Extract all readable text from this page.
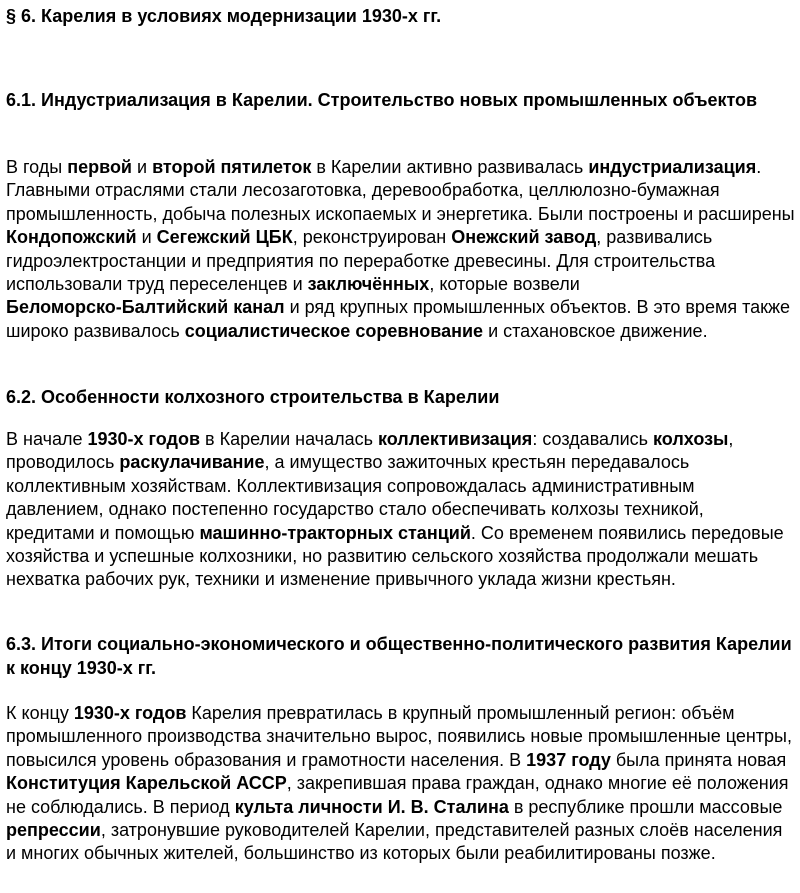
§ 6. Карелия в условиях модернизации 1930-х гг.
6.1. Индустриализация в Карелии. Строительство новых промышленных объектов

В годы первой и второй пятилеток в Карелии активно развивалась индустриализация. Главными отраслями стали лесозаготовка, деревообработка, целлюлозно-бумажная промышленность, добыча полезных ископаемых и энергетика. Были построены и расширены Кондопожский и Сегежский ЦБК, реконструирован Онежский завод, развивались гидроэлектростанции и предприятия по переработке древесины. Для строительства использовали труд переселенцев и заключённых, которые возвели Беломорско-Балтийский канал и ряд крупных промышленных объектов. В это время также широко развивалось социалистическое соревнование и стахановское движение.

6.2. Особенности колхозного строительства в Карелии

В начале 1930-х годов в Карелии началась коллективизация: создавались колхозы, проводилось раскулачивание, а имущество зажиточных крестьян передавалось коллективным хозяйствам. Коллективизация сопровождалась административным давлением, однако постепенно государство стало обеспечивать колхозы техникой, кредитами и помощью машинно-тракторных станций. Со временем появились передовые хозяйства и успешные колхозники, но развитию сельского хозяйства продолжали мешать нехватка рабочих рук, техники и изменение привычного уклада жизни крестьян.

6.3. Итоги социально-экономического и общественно-политического развития Карелии к концу 1930-х гг.

К концу 1930-х годов Карелия превратилась в крупный промышленный регион: объём промышленного производства значительно вырос, появились новые промышленные центры, повысился уровень образования и грамотности населения. В 1937 году была принята новая Конституция Карельской АССР, закрепившая права граждан, однако многие её положения не соблюдались. В период культа личности И. В. Сталина в республике прошли массовые репрессии, затронувшие руководителей Карелии, представителей разных слоёв населения и многих обычных жителей, большинство из которых были реабилитированы позже.
